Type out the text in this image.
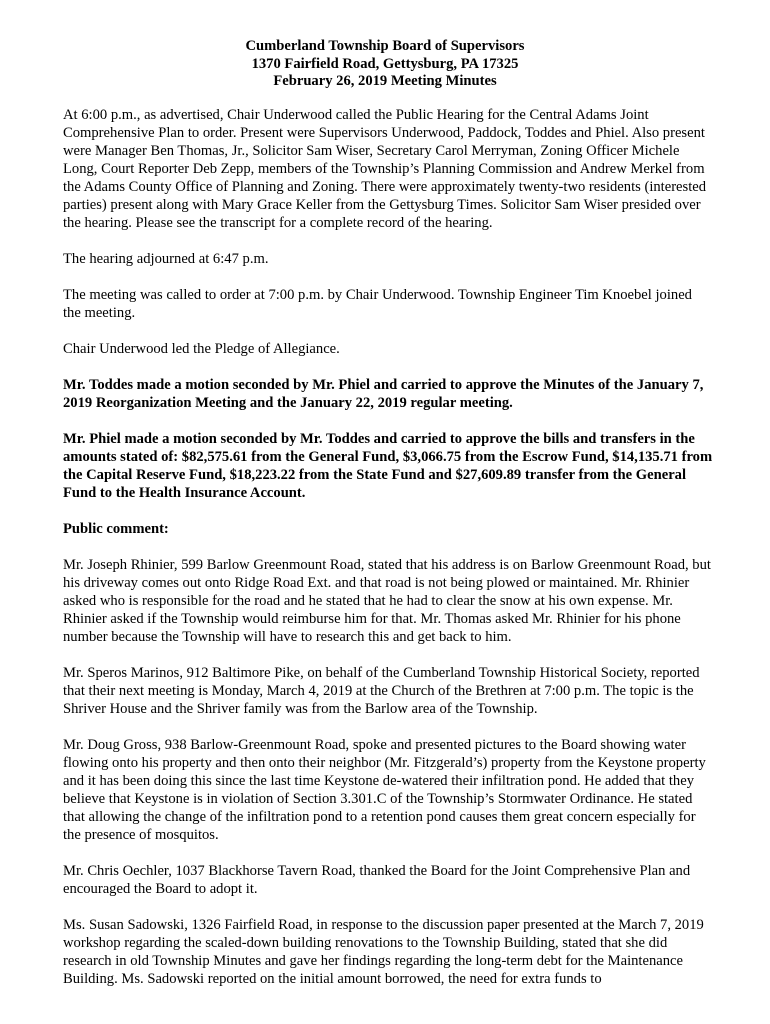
Cumberland Township Board of Supervisors
1370 Fairfield Road, Gettysburg, PA 17325
February 26, 2019 Meeting Minutes

At 6:00 p.m., as advertised, Chair Underwood called the Public Hearing for the Central Adams Joint Comprehensive Plan to order. Present were Supervisors Underwood, Paddock, Toddes and Phiel. Also present were Manager Ben Thomas, Jr., Solicitor Sam Wiser, Secretary Carol Merryman, Zoning Officer Michele Long, Court Reporter Deb Zepp, members of the Township’s Planning Commission and Andrew Merkel from the Adams County Office of Planning and Zoning. There were approximately twenty-two residents (interested parties) present along with Mary Grace Keller from the Gettysburg Times. Solicitor Sam Wiser presided over the hearing. Please see the transcript for a complete record of the hearing.

The hearing adjourned at 6:47 p.m.

The meeting was called to order at 7:00 p.m. by Chair Underwood. Township Engineer Tim Knoebel joined the meeting.

Chair Underwood led the Pledge of Allegiance.

Mr. Toddes made a motion seconded by Mr. Phiel and carried to approve the Minutes of the January 7, 2019 Reorganization Meeting and the January 22, 2019 regular meeting.

Mr. Phiel made a motion seconded by Mr. Toddes and carried to approve the bills and transfers in the amounts stated of: $82,575.61 from the General Fund, $3,066.75 from the Escrow Fund, $14,135.71 from the Capital Reserve Fund, $18,223.22 from the State Fund and $27,609.89 transfer from the General Fund to the Health Insurance Account.

Public comment:

Mr. Joseph Rhinier, 599 Barlow Greenmount Road, stated that his address is on Barlow Greenmount Road, but his driveway comes out onto Ridge Road Ext. and that road is not being plowed or maintained. Mr. Rhinier asked who is responsible for the road and he stated that he had to clear the snow at his own expense. Mr. Rhinier asked if the Township would reimburse him for that. Mr. Thomas asked Mr. Rhinier for his phone number because the Township will have to research this and get back to him.

Mr. Speros Marinos, 912 Baltimore Pike, on behalf of the Cumberland Township Historical Society, reported that their next meeting is Monday, March 4, 2019 at the Church of the Brethren at 7:00 p.m. The topic is the Shriver House and the Shriver family was from the Barlow area of the Township.

Mr. Doug Gross, 938 Barlow-Greenmount Road, spoke and presented pictures to the Board showing water flowing onto his property and then onto their neighbor (Mr. Fitzgerald’s) property from the Keystone property and it has been doing this since the last time Keystone de-watered their infiltration pond. He added that they believe that Keystone is in violation of Section 3.301.C of the Township’s Stormwater Ordinance. He stated that allowing the change of the infiltration pond to a retention pond causes them great concern especially for the presence of mosquitos.

Mr. Chris Oechler, 1037 Blackhorse Tavern Road, thanked the Board for the Joint Comprehensive Plan and encouraged the Board to adopt it.

Ms. Susan Sadowski, 1326 Fairfield Road, in response to the discussion paper presented at the March 7, 2019 workshop regarding the scaled-down building renovations to the Township Building, stated that she did research in old Township Minutes and gave her findings regarding the long-term debt for the Maintenance Building. Ms. Sadowski reported on the initial amount borrowed, the need for extra funds to
